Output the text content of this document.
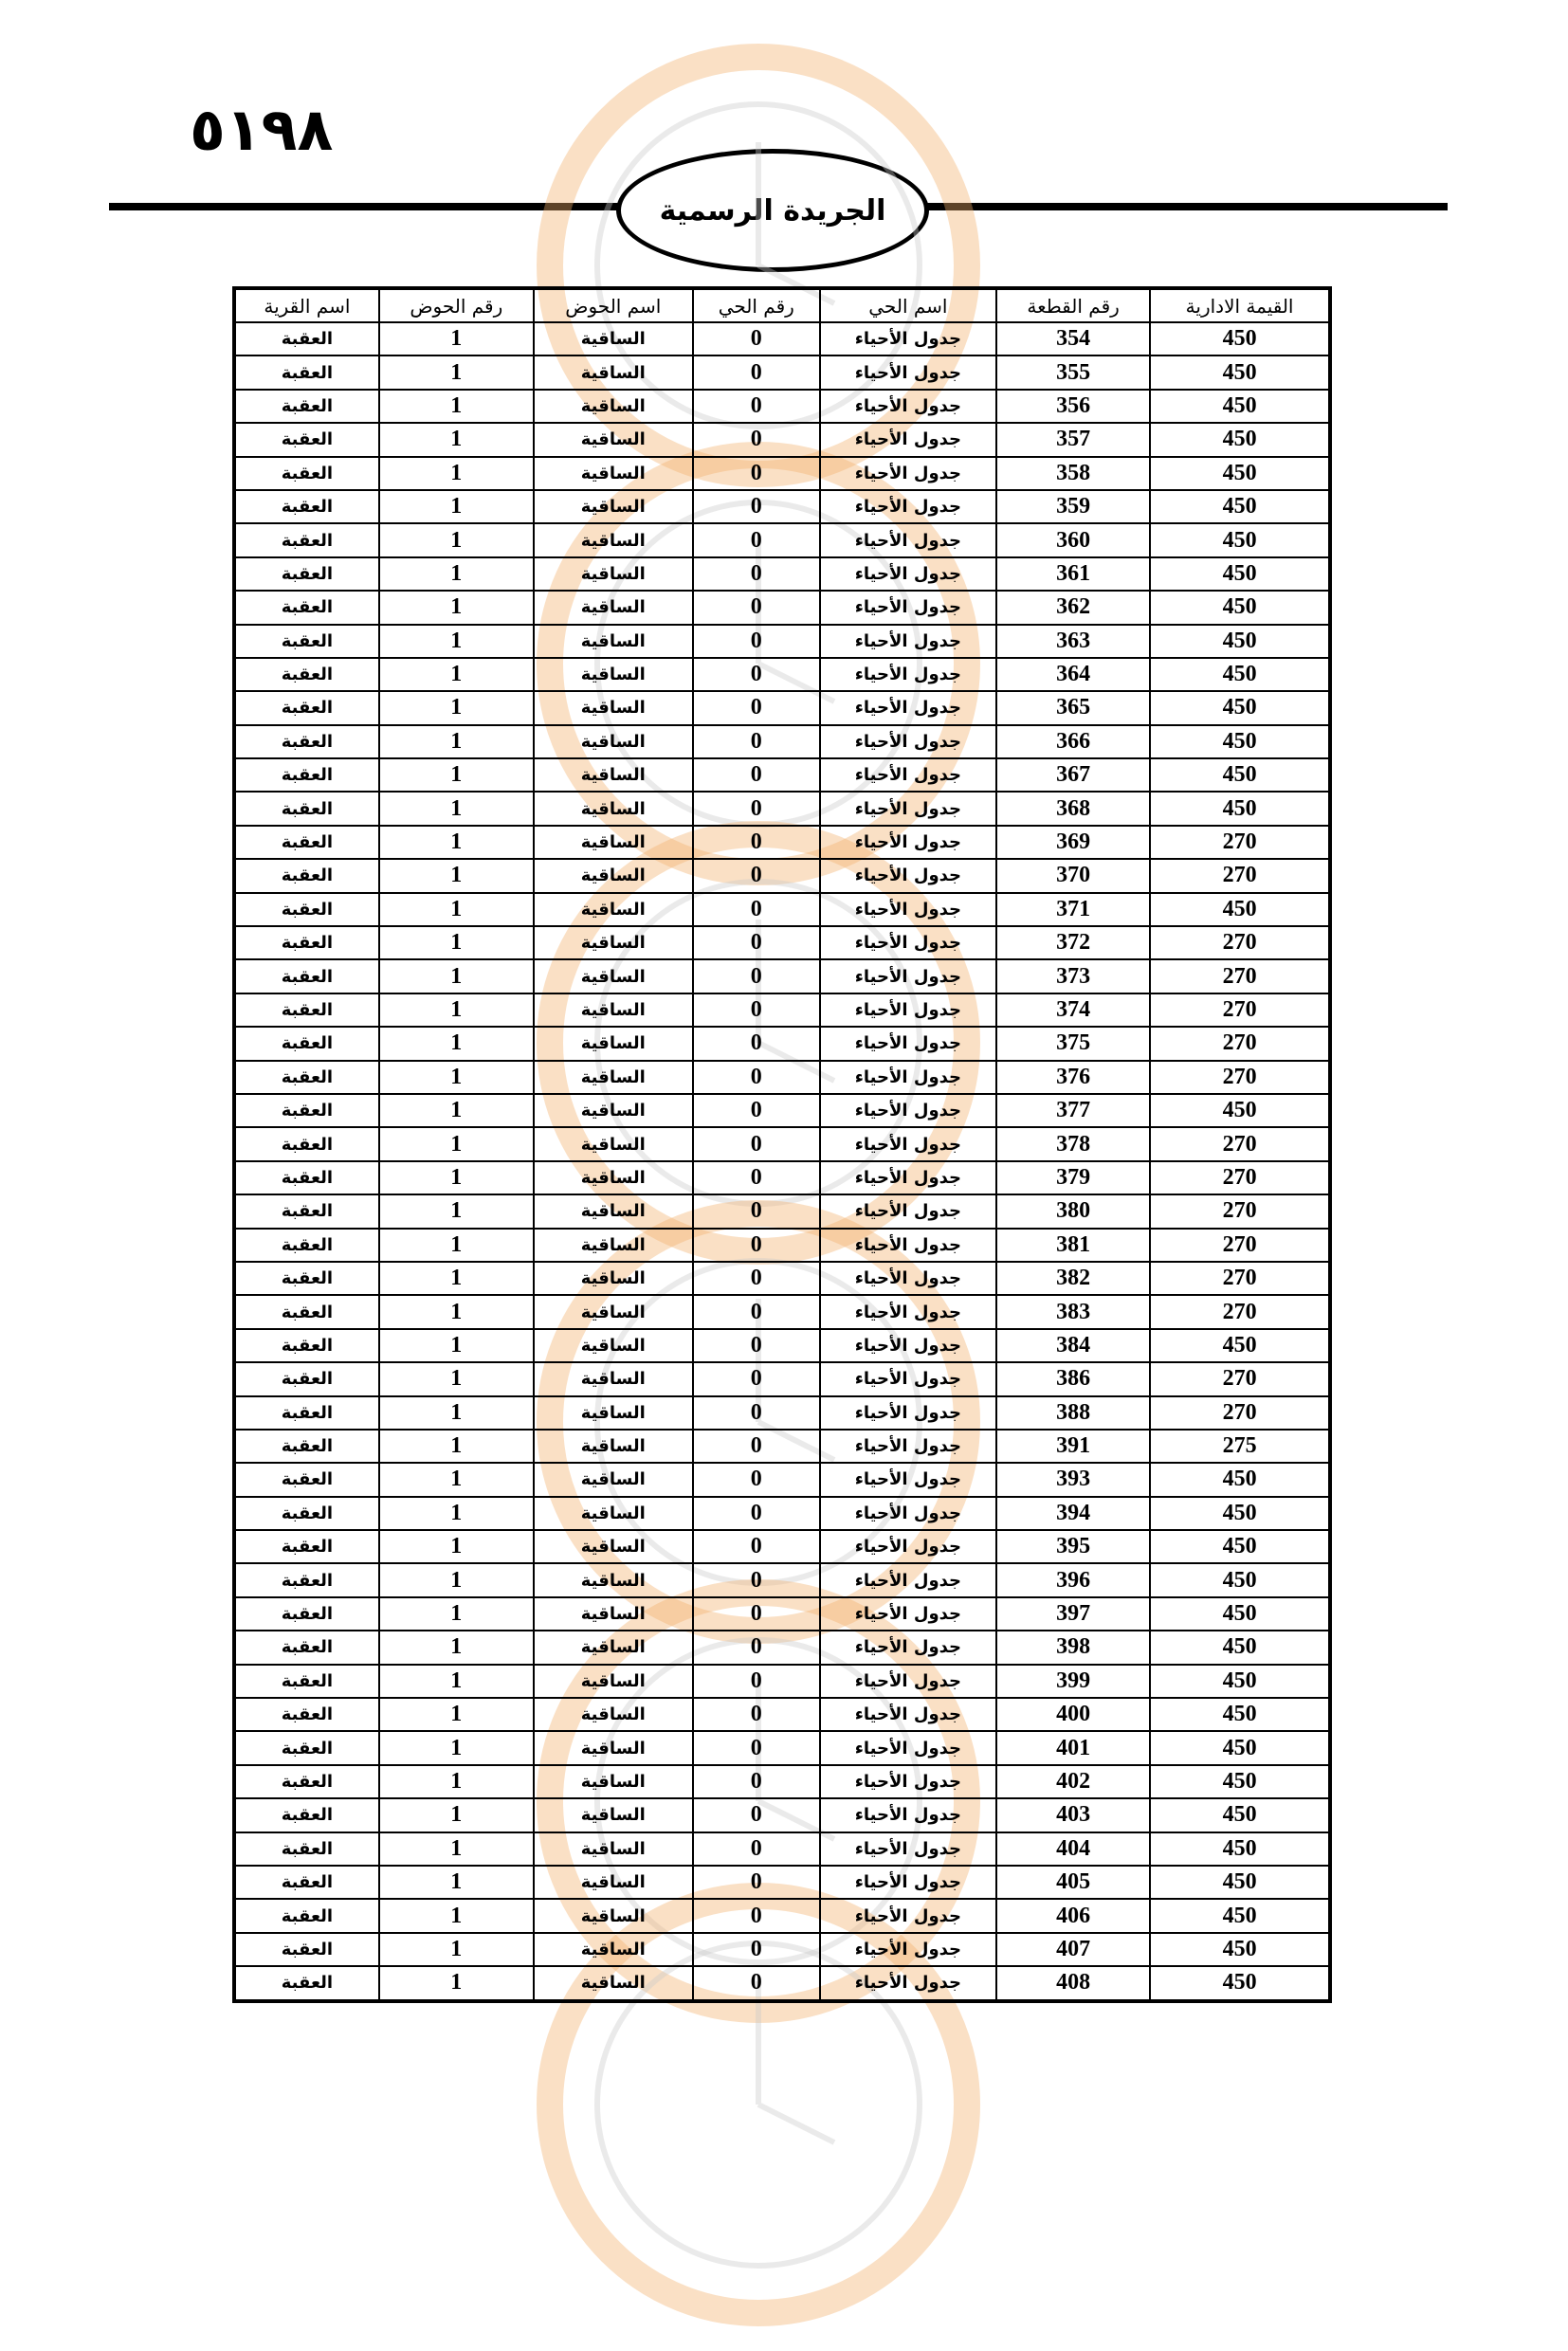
٥١٩٨
الجريدة الرسمية
القيمة الادارية	رقم القطعة	اسم الحي	رقم الحي	اسم الحوض	رقم الحوض	اسم القرية
450	354	جدول الأحياء	0	الساقية	1	العقبة
450	355	جدول الأحياء	0	الساقية	1	العقبة
450	356	جدول الأحياء	0	الساقية	1	العقبة
450	357	جدول الأحياء	0	الساقية	1	العقبة
450	358	جدول الأحياء	0	الساقية	1	العقبة
450	359	جدول الأحياء	0	الساقية	1	العقبة
450	360	جدول الأحياء	0	الساقية	1	العقبة
450	361	جدول الأحياء	0	الساقية	1	العقبة
450	362	جدول الأحياء	0	الساقية	1	العقبة
450	363	جدول الأحياء	0	الساقية	1	العقبة
450	364	جدول الأحياء	0	الساقية	1	العقبة
450	365	جدول الأحياء	0	الساقية	1	العقبة
450	366	جدول الأحياء	0	الساقية	1	العقبة
450	367	جدول الأحياء	0	الساقية	1	العقبة
450	368	جدول الأحياء	0	الساقية	1	العقبة
270	369	جدول الأحياء	0	الساقية	1	العقبة
270	370	جدول الأحياء	0	الساقية	1	العقبة
450	371	جدول الأحياء	0	الساقية	1	العقبة
270	372	جدول الأحياء	0	الساقية	1	العقبة
270	373	جدول الأحياء	0	الساقية	1	العقبة
270	374	جدول الأحياء	0	الساقية	1	العقبة
270	375	جدول الأحياء	0	الساقية	1	العقبة
270	376	جدول الأحياء	0	الساقية	1	العقبة
450	377	جدول الأحياء	0	الساقية	1	العقبة
270	378	جدول الأحياء	0	الساقية	1	العقبة
270	379	جدول الأحياء	0	الساقية	1	العقبة
270	380	جدول الأحياء	0	الساقية	1	العقبة
270	381	جدول الأحياء	0	الساقية	1	العقبة
270	382	جدول الأحياء	0	الساقية	1	العقبة
270	383	جدول الأحياء	0	الساقية	1	العقبة
450	384	جدول الأحياء	0	الساقية	1	العقبة
270	386	جدول الأحياء	0	الساقية	1	العقبة
270	388	جدول الأحياء	0	الساقية	1	العقبة
275	391	جدول الأحياء	0	الساقية	1	العقبة
450	393	جدول الأحياء	0	الساقية	1	العقبة
450	394	جدول الأحياء	0	الساقية	1	العقبة
450	395	جدول الأحياء	0	الساقية	1	العقبة
450	396	جدول الأحياء	0	الساقية	1	العقبة
450	397	جدول الأحياء	0	الساقية	1	العقبة
450	398	جدول الأحياء	0	الساقية	1	العقبة
450	399	جدول الأحياء	0	الساقية	1	العقبة
450	400	جدول الأحياء	0	الساقية	1	العقبة
450	401	جدول الأحياء	0	الساقية	1	العقبة
450	402	جدول الأحياء	0	الساقية	1	العقبة
450	403	جدول الأحياء	0	الساقية	1	العقبة
450	404	جدول الأحياء	0	الساقية	1	العقبة
450	405	جدول الأحياء	0	الساقية	1	العقبة
450	406	جدول الأحياء	0	الساقية	1	العقبة
450	407	جدول الأحياء	0	الساقية	1	العقبة
450	408	جدول الأحياء	0	الساقية	1	العقبة
